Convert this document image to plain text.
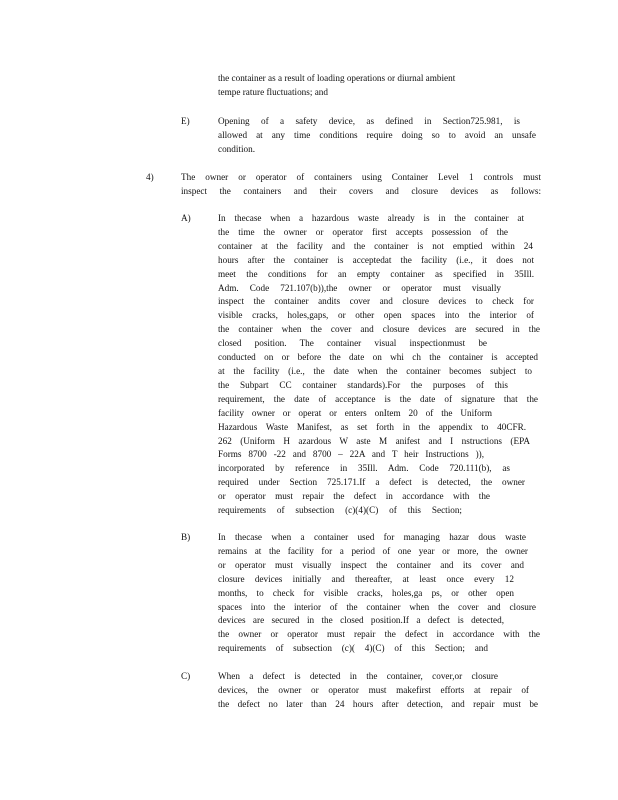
the container as a result of loading operations or diurnal ambient
tempe rature fluctuations; and
E)	Opening of a safety device, as defined in Section725.981, is
allowed at any time conditions require doing so to avoid an unsafe
condition.
4)	The owner or operator of containers using Container Level 1 controls must
inspect the containers and their covers and closure devices as follows:
A)	In thecase when a hazardous waste already is in the container at
the time the owner or operator first accepts possession of the
container at the facility and the container is not emptied within 24
hours after the container is acceptedat the facility (i.e., it does not
meet the conditions for an empty container as specified in 35Ill.
Adm. Code 721.107(b)),the owner or operator must visually
inspect the container andits cover and closure devices to check for
visible cracks, holes,gaps, or other open spaces into the interior of
the container when the cover and closure devices are secured in the
closed position. The container visual inspectionmust be
conducted on or before the date on whi ch the container is accepted
at the facility (i.e., the date when the container becomes subject to
the Subpart CC container standards).For the purposes of this
requirement, the date of acceptance is the date of signature that the
facility owner or operat or enters onItem 20 of the Uniform
Hazardous Waste Manifest, as set forth in the appendix to 40CFR.
262 (Uniform H azardous W aste M anifest and I nstructions (EPA
Forms 8700 -22 and 8700 – 22A and T heir Instructions )),
incorporated by reference in 35Ill. Adm. Code 720.111(b), as
required under Section 725.171.If a defect is detected, the owner
or operator must repair the defect in accordance with the
requirements of subsection (c)(4)(C) of this Section;
B)	In thecase when a container used for managing hazar dous waste
remains at the facility for a period of one year or more, the owner
or operator must visually inspect the container and its cover and
closure devices initially and thereafter, at least once every 12
months, to check for visible cracks, holes,ga ps, or other open
spaces into the interior of the container when the cover and closure
devices are secured in the closed position.If a defect is detected,
the owner or operator must repair the defect in accordance with the
requirements of subsection (c)( 4)(C) of this Section; and
C)	When a defect is detected in the container, cover,or closure
devices, the owner or operator must makefirst efforts at repair of
the defect no later than 24 hours after detection, and repair must be
